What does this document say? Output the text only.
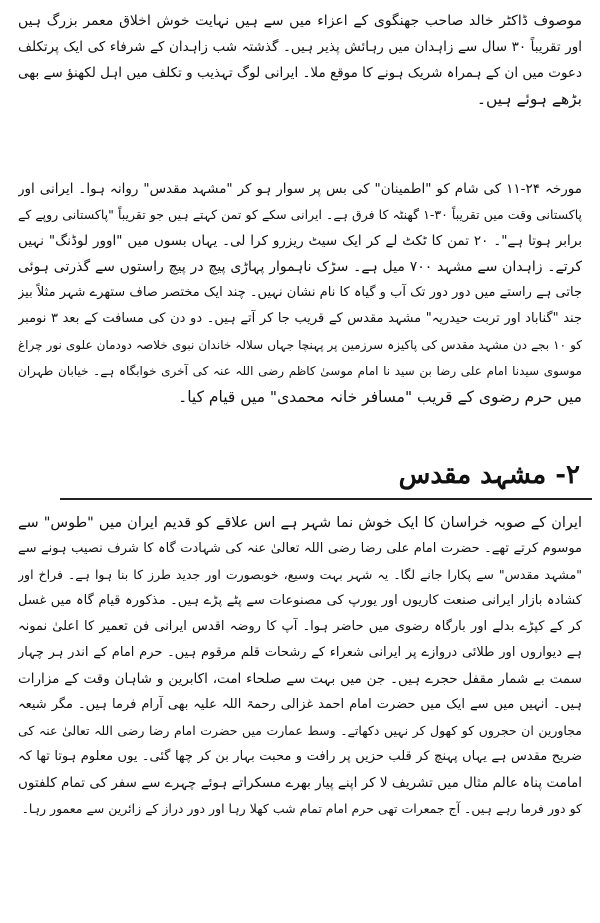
موصوف ڈاکٹر خالد صاحب جھنگوی کے اعزاء میں سے ہیں نہایت خوش اخلاق معمر بزرگ ہیں
اور تقریباً ۳۰ سال سے زاہدان میں رہائش پذیر ہیں۔ گذشتہ شب زاہدان کے شرفاء کی ایک پرتکلف
دعوت میں ان کے ہمراہ شریک ہونے کا موقع ملا۔ ایرانی لوگ تہذیب و تکلف میں اہل لکھنؤ سے بھی
بڑھے ہوئے ہیں۔
مورخہ ۲۴-۱۱ کی شام کو "اطمینان" کی بس پر سوار ہو کر "مشہد مقدس" روانہ ہوا۔ ایرانی اور
پاکستانی وقت میں تقریباً ۳۰-۱ گھنٹہ کا فرق ہے۔ ایرانی سکے کو تمن کہتے ہیں جو تقریباً "پاکستانی روپے کے
برابر ہوتا ہے"۔ ۲۰ تمن کا ٹکٹ لے کر ایک سیٹ ریزرو کرا لی۔ یہاں بسوں میں "اوور لوڈنگ" نہیں
کرتے۔ زاہدان سے مشہد ۷۰۰ میل ہے۔ سڑک ناہموار پہاڑی پیچ در پیچ راستوں سے گذرتی ہوئی
جاتی ہے راستے میں دور دور تک آب و گیاہ کا نام نشان نہیں۔ چند ایک مختصر صاف ستھرے شہر مثلاً بیز
جند "گناباد اور تربت حیدریہ" مشہد مقدس کے قریب جا کر آتے ہیں۔ دو دن کی مسافت کے بعد ۳ نومبر
کو ۱۰ بجے دن مشہد مقدس کی پاکیزہ سرزمین پر پہنچا جہاں سلالہ خاندان نبوی خلاصہ دودمان علوی نور چراغ
موسوی سیدنا امام علی رضا بن سید نا امام موسیٰ کاظم رضی اللہ عنہ کی آخری خوابگاہ ہے۔ خیابان طہران
میں حرم رضوی کے قریب "مسافر خانہ محمدی" میں قیام کیا۔
۲- مشہد مقدس
ایران کے صوبہ خراسان کا ایک خوش نما شہر ہے اس علاقے کو قدیم ایران میں "طوس" سے
موسوم کرتے تھے۔ حضرت امام علی رضا رضی اللہ تعالیٰ عنہ کی شہادت گاہ کا شرف نصیب ہونے سے
"مشہد مقدس" سے پکارا جانے لگا۔ یہ شہر بہت وسیع، خوبصورت اور جدید طرز کا بنا ہوا ہے۔ فراخ اور
کشادہ بازار ایرانی صنعت کاریوں اور یورپ کی مصنوعات سے پٹے پڑے ہیں۔ مذکورہ قیام گاہ میں غسل
کر کے کپڑے بدلے اور بارگاہ رضوی میں حاضر ہوا۔ آپ کا روضہ اقدس ایرانی فن تعمیر کا اعلیٰ نمونہ
ہے دیواروں اور طلائی دروازے پر ایرانی شعراء کے رشحات قلم مرقوم ہیں۔ حرم امام کے اندر ہر چہار
سمت بے شمار مقفل حجرے ہیں۔ جن میں بہت سے صلحاء امت، اکابرین و شاہان وقت کے مزارات
ہیں۔ انہیں میں سے ایک میں حضرت امام احمد غزالی رحمۃ اللہ علیہ بھی آرام فرما ہیں۔ مگر شیعہ
مجاورین ان حجروں کو کھول کر نہیں دکھاتے۔ وسط عمارت میں حضرت امام رضا رضی اللہ تعالیٰ عنہ کی
ضریح مقدس ہے یہاں پہنچ کر قلب حزیں پر رافت و محبت بہار بن کر چھا گئی۔ یوں معلوم ہوتا تھا کہ
امامت پناہ عالم مثال میں تشریف لا کر اپنے پیار بھرے مسکراتے ہوئے چہرے سے سفر کی تمام کلفتوں
کو دور فرما رہے ہیں۔ آج جمعرات تھی حرم امام تمام شب کھلا رہا اور دور دراز کے زائرین سے معمور رہا۔
